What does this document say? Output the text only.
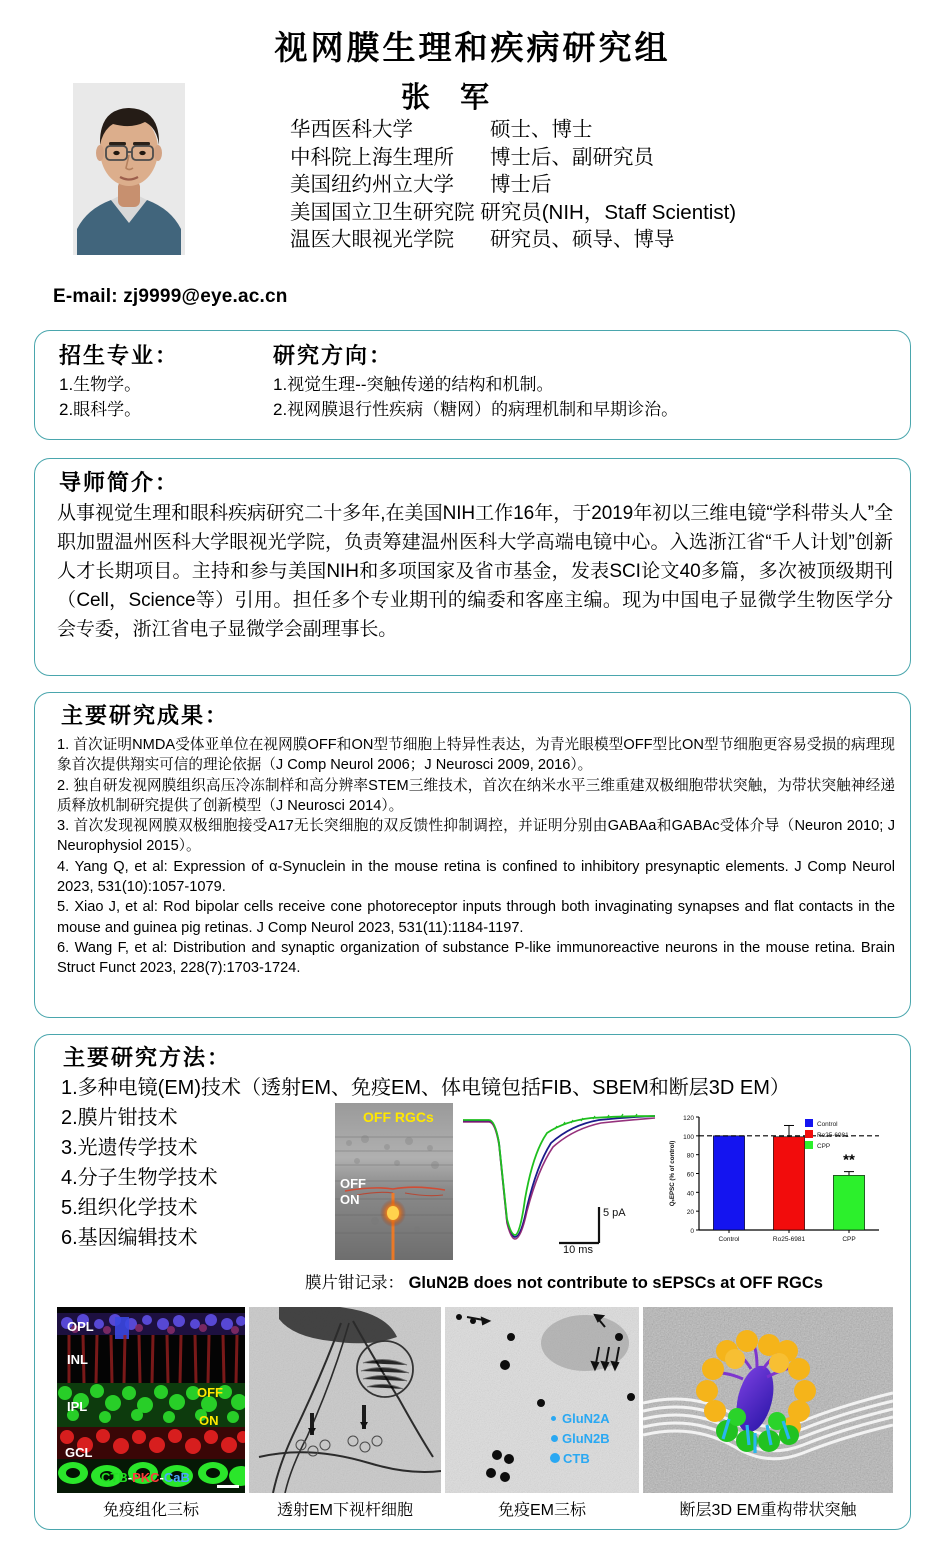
视网膜生理和疾病研究组
张 军
华西医科大学	硕士、博士
中科院上海生理所 博士后、副研究员
美国纽约州立大学 博士后
美国国立卫生研究院 研究员(NIH，Staff Scientist)
温医大眼视光学院 研究员、硕导、博导
E-mail: zj9999@eye.ac.cn
招生专业：
1.生物学。
2.眼科学。
研究方向：
1.视觉生理--突触传递的结构和机制。
2.视网膜退行性疾病（糖网）的病理机制和早期诊治。
导师简介：
从事视觉生理和眼科疾病研究二十多年,在美国NIH工作16年，于2019年初以三维电镜“学科带头人”全职加盟温州医科大学眼视光学院，负责筹建温州医科大学高端电镜中心。入选浙江省“千人计划”创新人才长期项目。主持和参与美国NIH和多项国家及省市基金，发表SCI论文40多篇，多次被顶级期刊（Cell，Science等）引用。担任多个专业期刊的编委和客座主编。现为中国电子显微学生物医学分会专委，浙江省电子显微学会副理事长。
主要研究成果：
1. 首次证明NMDA受体亚单位在视网膜OFF和ON型节细胞上特异性表达，为青光眼模型OFF型比ON型节细胞更容易受损的病理现象首次提供翔实可信的理论依据（J Comp Neurol 2006；J Neurosci 2009, 2016）。
2. 独自研发视网膜组织高压冷冻制样和高分辨率STEM三维技术，首次在纳米水平三维重建双极细胞带状突触，为带状突触神经递质释放机制研究提供了创新模型（J Neurosci 2014）。
3. 首次发现视网膜双极细胞接受A17无长突细胞的双反馈性抑制调控，并证明分别由GABAa和GABAc受体介导（Neuron 2010; J Neurophysiol 2015）。
4. Yang Q, et al: Expression of α-Synuclein in the mouse retina is confined to inhibitory presynaptic elements. J Comp Neurol 2023, 531(10):1057-1079.
5. Xiao J, et al: Rod bipolar cells receive cone photoreceptor inputs through both invaginating synapses and flat contacts in the mouse and guinea pig retinas. J Comp Neurol 2023, 531(11):1184-1197.
6. Wang F, et al: Distribution and synaptic organization of substance P-like immunoreactive neurons in the mouse retina. Brain Struct Funct 2023, 228(7):1703-1724.
主要研究方法：
1.多种电镜(EM)技术（透射EM、免疫EM、体电镜包括FIB、SBEM和断层3D EM）
2.膜片钳技术
3.光遗传学技术
4.分子生物学技术
5.组织化学技术
6.基因编辑技术
OFF RGCs
OFF
ON
5 pA
10 ms
0
20
40
60
80
100
120
QₛEPSC (% of control)
Control	Ro25-6981	CPP
**
Control
Ro25-6981
CPP
膜片钳记录： GluN2B does not contribute to sEPSCs at OFF RGCs
OPL
INL
IPL
GCL
OFF
ON
CTB-PKC-CaB
GluN2A
GluN2B
CTB
免疫组化三标	透射EM下视杆细胞	免疫EM三标	断层3D EM重构带状突触
